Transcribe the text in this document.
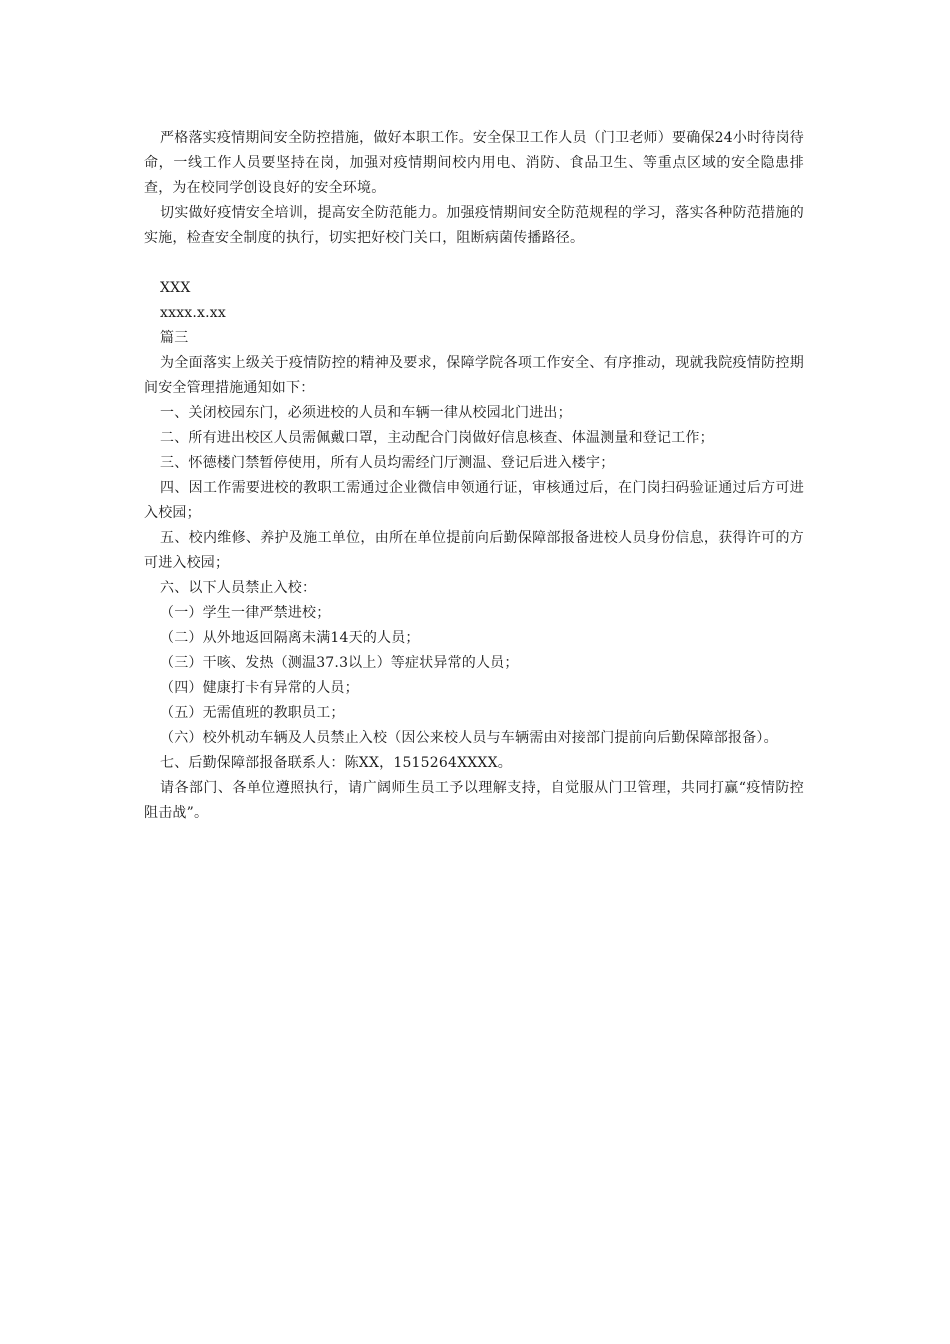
严格落实疫情期间安全防控措施，做好本职工作。安全保卫工作人员（门卫老师）要确保24小时待岗待命，一线工作人员要坚持在岗，加强对疫情期间校内用电、消防、食品卫生、等重点区域的安全隐患排查，为在校同学创设良好的安全环境。

切实做好疫情安全培训，提高安全防范能力。加强疫情期间安全防范规程的学习，落实各种防范措施的实施，检查安全制度的执行，切实把好校门关口，阻断病菌传播路径。

XXX

xxxx.x.xx

篇三

为全面落实上级关于疫情防控的精神及要求，保障学院各项工作安全、有序推动，现就我院疫情防控期间安全管理措施通知如下：

一、关闭校园东门，必须进校的人员和车辆一律从校园北门进出；

二、所有进出校区人员需佩戴口罩，主动配合门岗做好信息核查、体温测量和登记工作；

三、怀德楼门禁暂停使用，所有人员均需经门厅测温、登记后进入楼宇；

四、因工作需要进校的教职工需通过企业微信申领通行证，审核通过后，在门岗扫码验证通过后方可进入校园；

五、校内维修、养护及施工单位，由所在单位提前向后勤保障部报备进校人员身份信息，获得许可的方可进入校园；

六、以下人员禁止入校：

（一）学生一律严禁进校；

（二）从外地返回隔离未满14天的人员；

（三）干咳、发热（测温37.3以上）等症状异常的人员；

（四）健康打卡有异常的人员；

（五）无需值班的教职员工；

（六）校外机动车辆及人员禁止入校（因公来校人员与车辆需由对接部门提前向后勤保障部报备）。

七、后勤保障部报备联系人：陈XX，1515264XXXX。

请各部门、各单位遵照执行，请广阔师生员工予以理解支持，自觉服从门卫管理，共同打赢“疫情防控阻击战”。
